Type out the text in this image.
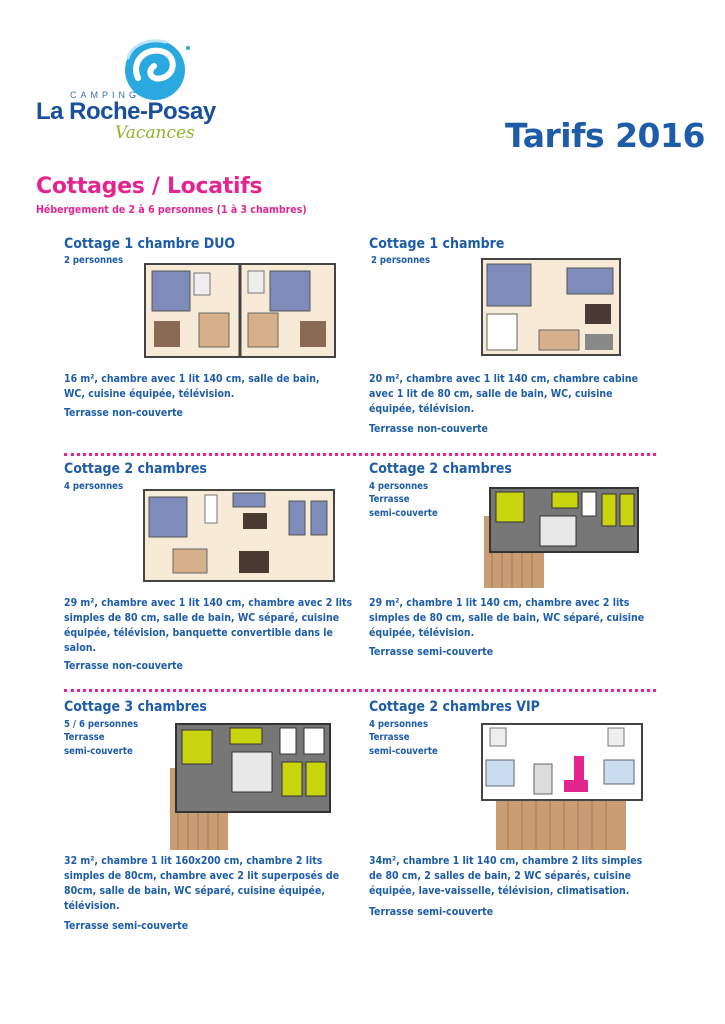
CAMPING
La Roche-Posay
Vacances	Tarifs 2016
Cottages / Locatifs
Hébergement de 2 à 6 personnes (1 à 3 chambres)
Cottage 1 chambre DUO
2 personnes
16 m², chambre avec 1 lit 140 cm, salle de bain, WC, cuisine équipée, télévision.
Terrasse non-couverte
Cottage 1 chambre
2 personnes
20 m², chambre avec 1 lit 140 cm, chambre cabine avec 1 lit de 80 cm, salle de bain, WC, cuisine équipée, télévision.
Terrasse non-couverte
Cottage 2 chambres
4 personnes
29 m², chambre avec 1 lit 140 cm, chambre avec 2 lits simples de 80 cm, salle de bain, WC séparé, cuisine équipée, télévision, banquette convertible dans le salon.
Terrasse non-couverte
Cottage 2 chambres
4 personnes
Terrasse
semi-couverte
29 m², chambre 1 lit 140 cm, chambre avec 2 lits simples de 80 cm, salle de bain, WC séparé, cuisine équipée, télévision.
Terrasse semi-couverte
Cottage 3 chambres
5 / 6 personnes
Terrasse
semi-couverte
32 m², chambre 1 lit 160x200 cm, chambre 2 lits simples de 80cm, chambre avec 2 lit superposés de 80cm, salle de bain, WC séparé, cuisine équipée, télévision.
Terrasse semi-couverte
Cottage 2 chambres VIP
4 personnes
Terrasse
semi-couverte
34m², chambre 1 lit 140 cm, chambre 2 lits simples de 80 cm, 2 salles de bain, 2 WC séparés, cuisine équipée, lave-vaisselle, télévision, climatisation.
Terrasse semi-couverte
